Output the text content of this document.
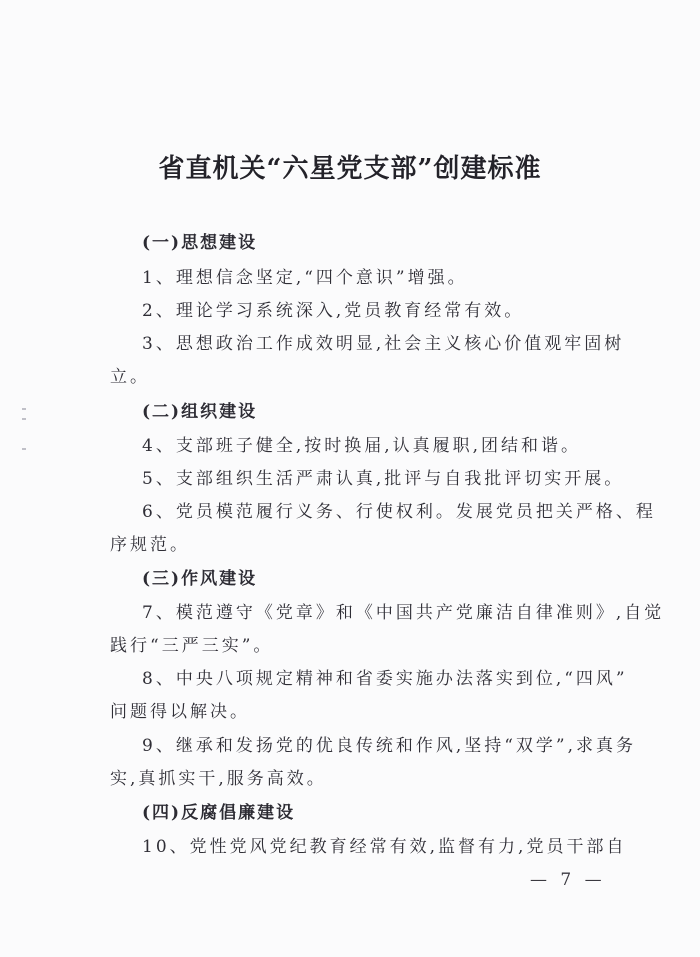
省直机关“六星党支部”创建标准
(一)思想建设
1、理想信念坚定,“四个意识”增强。
2、理论学习系统深入,党员教育经常有效。
3、思想政治工作成效明显,社会主义核心价值观牢固树
立。
(二)组织建设
4、支部班子健全,按时换届,认真履职,团结和谐。
5、支部组织生活严肃认真,批评与自我批评切实开展。
6、党员模范履行义务、行使权利。发展党员把关严格、程
序规范。
(三)作风建设
7、模范遵守《党章》和《中国共产党廉洁自律准则》,自觉
践行“三严三实”。
8、中央八项规定精神和省委实施办法落实到位,“四风”
问题得以解决。
9、继承和发扬党的优良传统和作风,坚持“双学”,求真务
实,真抓实干,服务高效。
(四)反腐倡廉建设
10、党性党风党纪教育经常有效,监督有力,党员干部自
— 7 —
